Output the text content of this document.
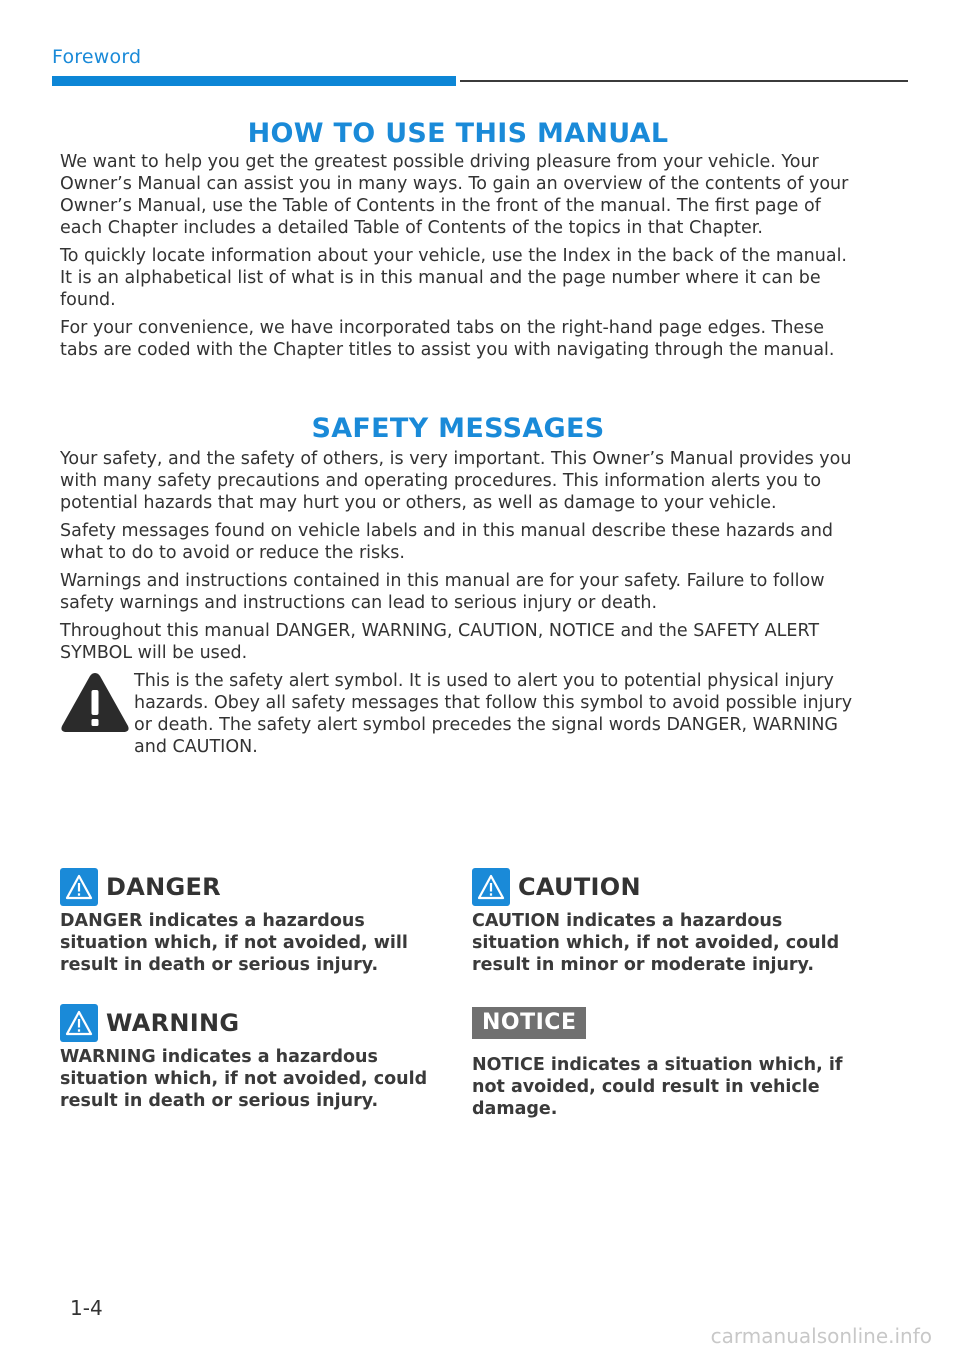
Foreword
HOW TO USE THIS MANUAL

We want to help you get the greatest possible driving pleasure from your vehicle. Your Owner’s Manual can assist you in many ways. To gain an overview of the contents of your Owner’s Manual, use the Table of Contents in the front of the manual. The first page of each Chapter includes a detailed Table of Contents of the topics in that Chapter.

To quickly locate information about your vehicle, use the Index in the back of the manual. It is an alphabetical list of what is in this manual and the page number where it can be found.

For your convenience, we have incorporated tabs on the right-hand page edges. These tabs are coded with the Chapter titles to assist you with navigating through the manual.

SAFETY MESSAGES

Your safety, and the safety of others, is very important. This Owner’s Manual provides you with many safety precautions and operating procedures. This information alerts you to potential hazards that may hurt you or others, as well as damage to your vehicle.

Safety messages found on vehicle labels and in this manual describe these hazards and what to do to avoid or reduce the risks.

Warnings and instructions contained in this manual are for your safety. Failure to follow safety warnings and instructions can lead to serious injury or death.

Throughout this manual DANGER, WARNING, CAUTION, NOTICE and the SAFETY ALERT SYMBOL will be used.

This is the safety alert symbol. It is used to alert you to potential physical injury hazards. Obey all safety messages that follow this symbol to avoid possible injury or death. The safety alert symbol precedes the signal words DANGER, WARNING and CAUTION.

DANGER

DANGER indicates a hazardous situation which, if not avoided, will result in death or serious injury.

WARNING

WARNING indicates a hazardous situation which, if not avoided, could result in death or serious injury.

CAUTION

CAUTION indicates a hazardous situation which, if not avoided, could result in minor or moderate injury.

NOTICE

NOTICE indicates a situation which, if not avoided, could result in vehicle damage.

1-4
carmanualsonline.info
